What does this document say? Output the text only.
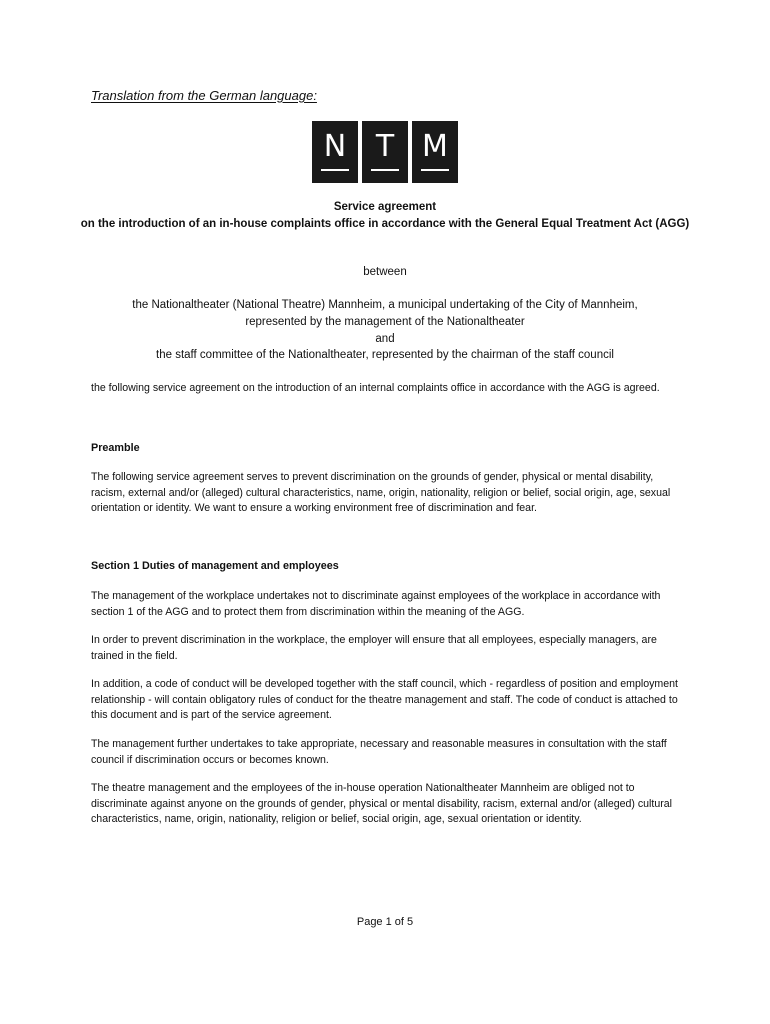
Translation from the German language:
N T M
Service agreement
on the introduction of an in-house complaints office in accordance with the General Equal Treatment Act (AGG)
between
the Nationaltheater (National Theatre) Mannheim, a municipal undertaking of the City of Mannheim,
represented by the management of the Nationaltheater
and
the staff committee of the Nationaltheater, represented by the chairman of the staff council
the following service agreement on the introduction of an internal complaints office in accordance with the AGG is agreed.
Preamble
The following service agreement serves to prevent discrimination on the grounds of gender, physical or mental disability, racism, external and/or (alleged) cultural characteristics, name, origin, nationality, religion or belief, social origin, age, sexual orientation or identity. We want to ensure a working environment free of discrimination and fear.
Section 1 Duties of management and employees
The management of the workplace undertakes not to discriminate against employees of the workplace in accordance with section 1 of the AGG and to protect them from discrimination within the meaning of the AGG.
In order to prevent discrimination in the workplace, the employer will ensure that all employees, especially managers, are trained in the field.
In addition, a code of conduct will be developed together with the staff council, which - regardless of position and employment relationship - will contain obligatory rules of conduct for the theatre management and staff. The code of conduct is attached to this document and is part of the service agreement.
The management further undertakes to take appropriate, necessary and reasonable measures in consultation with the staff council if discrimination occurs or becomes known.
The theatre management and the employees of the in-house operation Nationaltheater Mannheim are obliged not to discriminate against anyone on the grounds of gender, physical or mental disability, racism, external and/or (alleged) cultural characteristics, name, origin, nationality, religion or belief, social origin, age, sexual orientation or identity.
Page 1 of 5
